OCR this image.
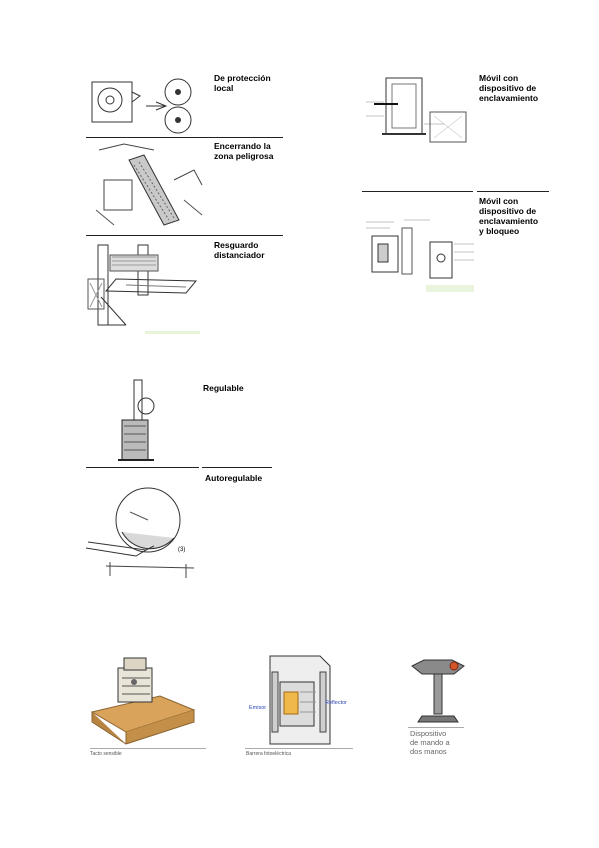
De protección
local
Encerrando la
zona peligrosa
Resguardo
distanciador
Regulable
(3)
Autoregulable
Móvil con
dispositivo de
enclavamiento
Móvil con
dispositivo de
enclavamiento
y bloqueo
Tacto sensible
Emisor
Reflector
Barrera fotoeléctrica
Dispositivo
de mando a
dos manos
